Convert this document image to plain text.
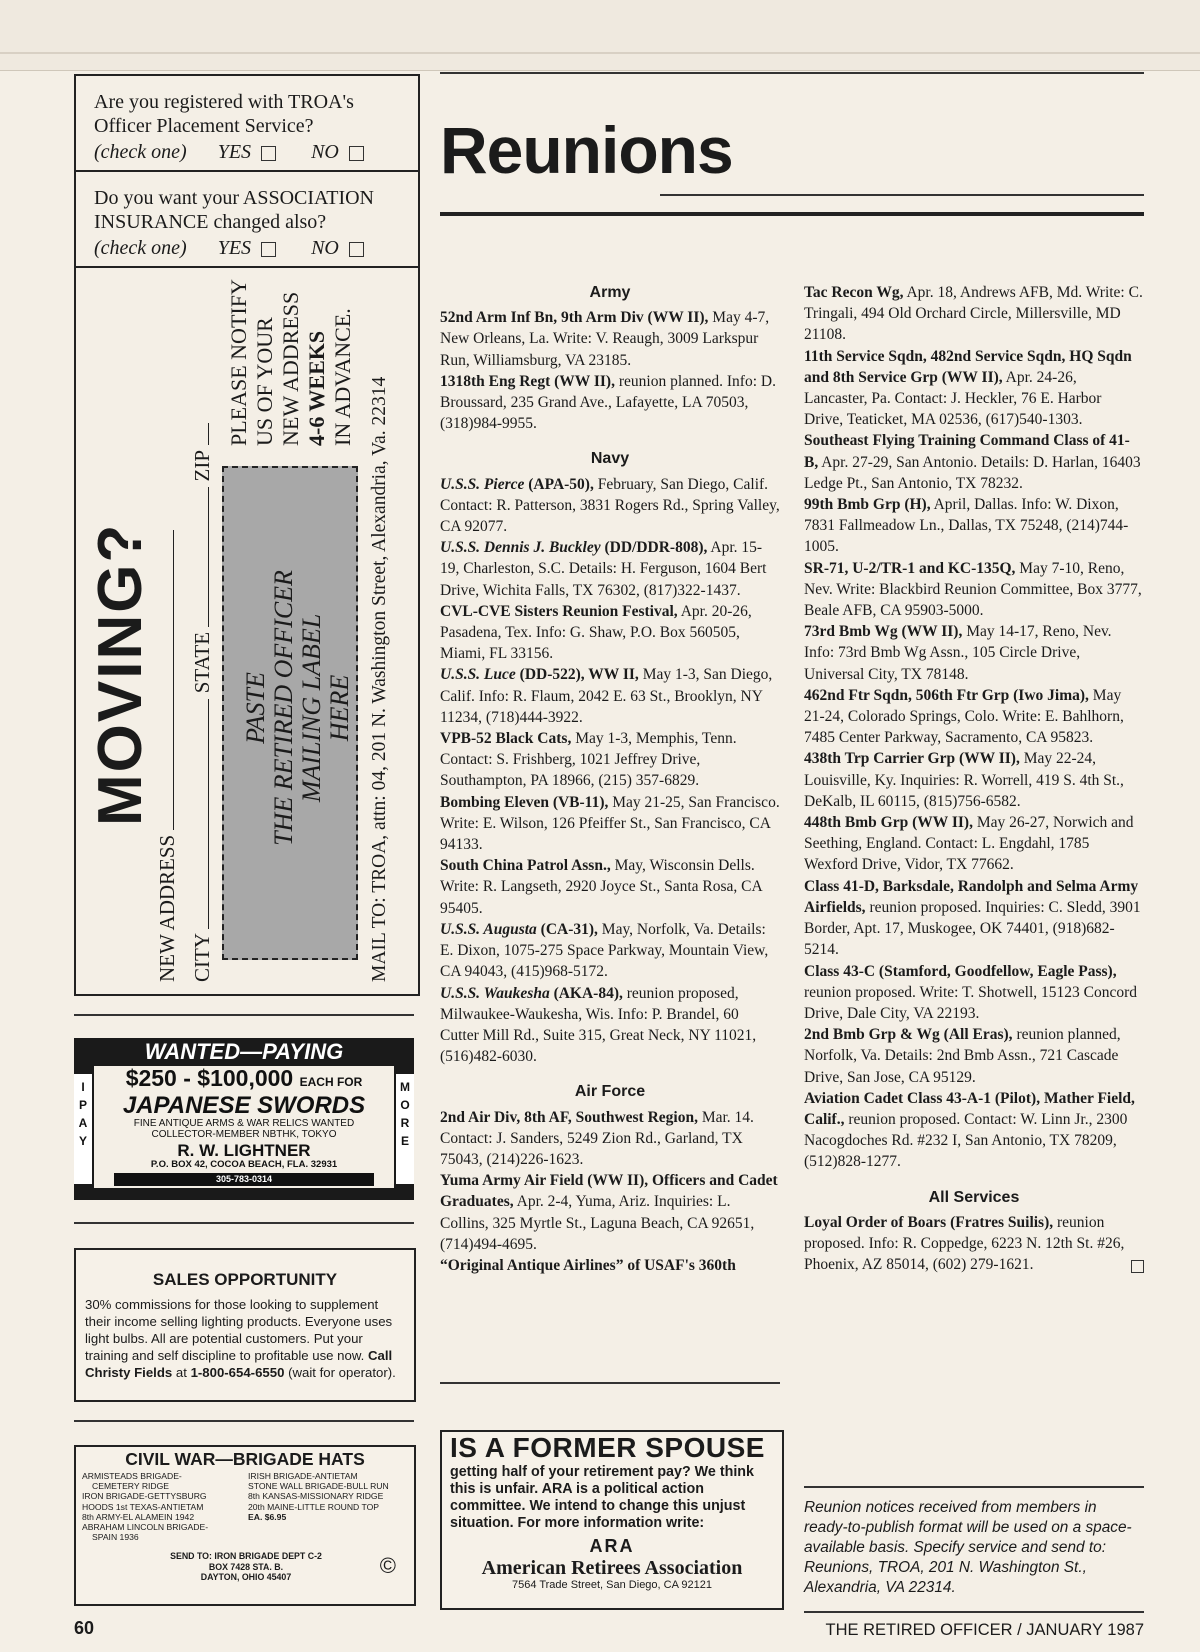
Are you registered with TROA's Officer Placement Service?
(check one) YES	NO
Do you want your ASSOCIATION INSURANCE changed also?
(check one) YES	NO
MOVING?
NEW ADDRESS CITY  STATE  ZIP
PLEASE NOTIFY US OF YOUR NEW ADDRESS 4-6 WEEKS IN ADVANCE.
PASTE THE RETIRED OFFICER MAILING LABEL HERE MAIL TO: TROA, attn: 04, 201 N. Washington Street, Alexandria, Va. 22314
I PAY
MORE
WANTED—PAYING
$250 - $100,000 EACH FOR
JAPANESE SWORDS
FINE ANTIQUE ARMS & WAR RELICS WANTED
COLLECTOR-MEMBER NBTHK, TOKYO
R. W. LIGHTNER
P.O. BOX 42, COCOA BEACH, FLA. 32931
305-783-0314
SALES OPPORTUNITY
30% commissions for those looking to supplement their income selling lighting products. Everyone uses light bulbs. All are potential customers. Put your training and self discipline to profitable use now. Call Christy Fields at 1-800-654-6550 (wait for operator).
CIVIL WAR—BRIGADE HATS
ARMISTEADS BRIGADE-
CEMETERY RIDGE
IRON BRIGADE-GETTYSBURG
HOODS 1st TEXAS-ANTIETAM
8th ARMY-EL ALAMEIN 1942
ABRAHAM LINCOLN BRIGADE-
SPAIN 1936
IRISH BRIGADE-ANTIETAM
STONE WALL BRIGADE-BULL RUN
8th KANSAS-MISSIONARY RIDGE
20th MAINE-LITTLE ROUND TOP
EA. $6.95
SEND TO: IRON BRIGADE DEPT C-2
BOX 7428 STA. B.
DAYTON, OHIO 45407	©
Reunions
Army

52nd Arm Inf Bn, 9th Arm Div (WW II), May 4-7, New Orleans, La. Write: V. Reaugh, 3009 Larkspur Run, Williamsburg, VA 23185.

1318th Eng Regt (WW II), reunion planned. Info: D. Broussard, 235 Grand Ave., Lafayette, LA 70503, (318)984-9955.

Navy

U.S.S. Pierce (APA-50), February, San Diego, Calif. Contact: R. Patterson, 3831 Rogers Rd., Spring Valley, CA 92077.

U.S.S. Dennis J. Buckley (DD/DDR-808), Apr. 15-19, Charleston, S.C. Details: H. Ferguson, 1604 Bert Drive, Wichita Falls, TX 76302, (817)322-1437.

CVL-CVE Sisters Reunion Festival, Apr. 20-26, Pasadena, Tex. Info: G. Shaw, P.O. Box 560505, Miami, FL 33156.

U.S.S. Luce (DD-522), WW II, May 1-3, San Diego, Calif. Info: R. Flaum, 2042 E. 63 St., Brooklyn, NY 11234, (718)444-3922.

VPB-52 Black Cats, May 1-3, Memphis, Tenn. Contact: S. Frishberg, 1021 Jeffrey Drive, Southampton, PA 18966, (215) 357-6829.

Bombing Eleven (VB-11), May 21-25, San Francisco. Write: E. Wilson, 126 Pfeiffer St., San Francisco, CA 94133.

South China Patrol Assn., May, Wisconsin Dells. Write: R. Langseth, 2920 Joyce St., Santa Rosa, CA 95405.

U.S.S. Augusta (CA-31), May, Norfolk, Va. Details: E. Dixon, 1075-275 Space Parkway, Mountain View, CA 94043, (415)968-5172.

U.S.S. Waukesha (AKA-84), reunion proposed, Milwaukee-Waukesha, Wis. Info: P. Brandel, 60 Cutter Mill Rd., Suite 315, Great Neck, NY 11021, (516)482-6030.

Air Force

2nd Air Div, 8th AF, Southwest Region, Mar. 14. Contact: J. Sanders, 5249 Zion Rd., Garland, TX 75043, (214)226-1623.

Yuma Army Air Field (WW II), Officers and Cadet Graduates, Apr. 2-4, Yuma, Ariz. Inquiries: L. Collins, 325 Myrtle St., Laguna Beach, CA 92651, (714)494-4695.

“Original Antique Airlines” of USAF's 360th

IS A FORMER SPOUSE
getting half of your retirement pay? We think this is unfair. ARA is a political action committee. We intend to change this unjust situation. For more information write:
ARA
American Retirees Association
7564 Trade Street, San Diego, CA 92121

Tac Recon Wg, Apr. 18, Andrews AFB, Md. Write: C. Tringali, 494 Old Orchard Circle, Millersville, MD 21108.

11th Service Sqdn, 482nd Service Sqdn, HQ Sqdn and 8th Service Grp (WW II), Apr. 24-26, Lancaster, Pa. Contact: J. Heckler, 76 E. Harbor Drive, Teaticket, MA 02536, (617)540-1303.

Southeast Flying Training Command Class of 41-B, Apr. 27-29, San Antonio. Details: D. Harlan, 16403 Ledge Pt., San Antonio, TX 78232.

99th Bmb Grp (H), April, Dallas. Info: W. Dixon, 7831 Fallmeadow Ln., Dallas, TX 75248, (214)744-1005.

SR-71, U-2/TR-1 and KC-135Q, May 7-10, Reno, Nev. Write: Blackbird Reunion Committee, Box 3777, Beale AFB, CA 95903-5000.

73rd Bmb Wg (WW II), May 14-17, Reno, Nev. Info: 73rd Bmb Wg Assn., 105 Circle Drive, Universal City, TX 78148.

462nd Ftr Sqdn, 506th Ftr Grp (Iwo Jima), May 21-24, Colorado Springs, Colo. Write: E. Bahlhorn, 7485 Center Parkway, Sacramento, CA 95823.

438th Trp Carrier Grp (WW II), May 22-24, Louisville, Ky. Inquiries: R. Worrell, 419 S. 4th St., DeKalb, IL 60115, (815)756-6582.

448th Bmb Grp (WW II), May 26-27, Norwich and Seething, England. Contact: L. Engdahl, 1785 Wexford Drive, Vidor, TX 77662.

Class 41-D, Barksdale, Randolph and Selma Army Airfields, reunion proposed. Inquiries: C. Sledd, 3901 Border, Apt. 17, Muskogee, OK 74401, (918)682-5214.

Class 43-C (Stamford, Goodfellow, Eagle Pass), reunion proposed. Write: T. Shotwell, 15123 Concord Drive, Dale City, VA 22193.

2nd Bmb Grp & Wg (All Eras), reunion planned, Norfolk, Va. Details: 2nd Bmb Assn., 721 Cascade Drive, San Jose, CA 95129.

Aviation Cadet Class 43-A-1 (Pilot), Mather Field, Calif., reunion proposed. Contact: W. Linn Jr., 2300 Nacogdoches Rd. #232 I, San Antonio, TX 78209, (512)828-1277.

All Services

Loyal Order of Boars (Fratres Suilis), reunion proposed. Info: R. Coppedge, 6223 N. 12th St. #26, Phoenix, AZ 85014, (602) 279-1621.

Reunion notices received from members in ready-to-publish format will be used on a space-available basis. Specify service and send to: Reunions, TROA, 201 N. Washington St., Alexandria, VA 22314.
60	THE RETIRED OFFICER / JANUARY 1987
